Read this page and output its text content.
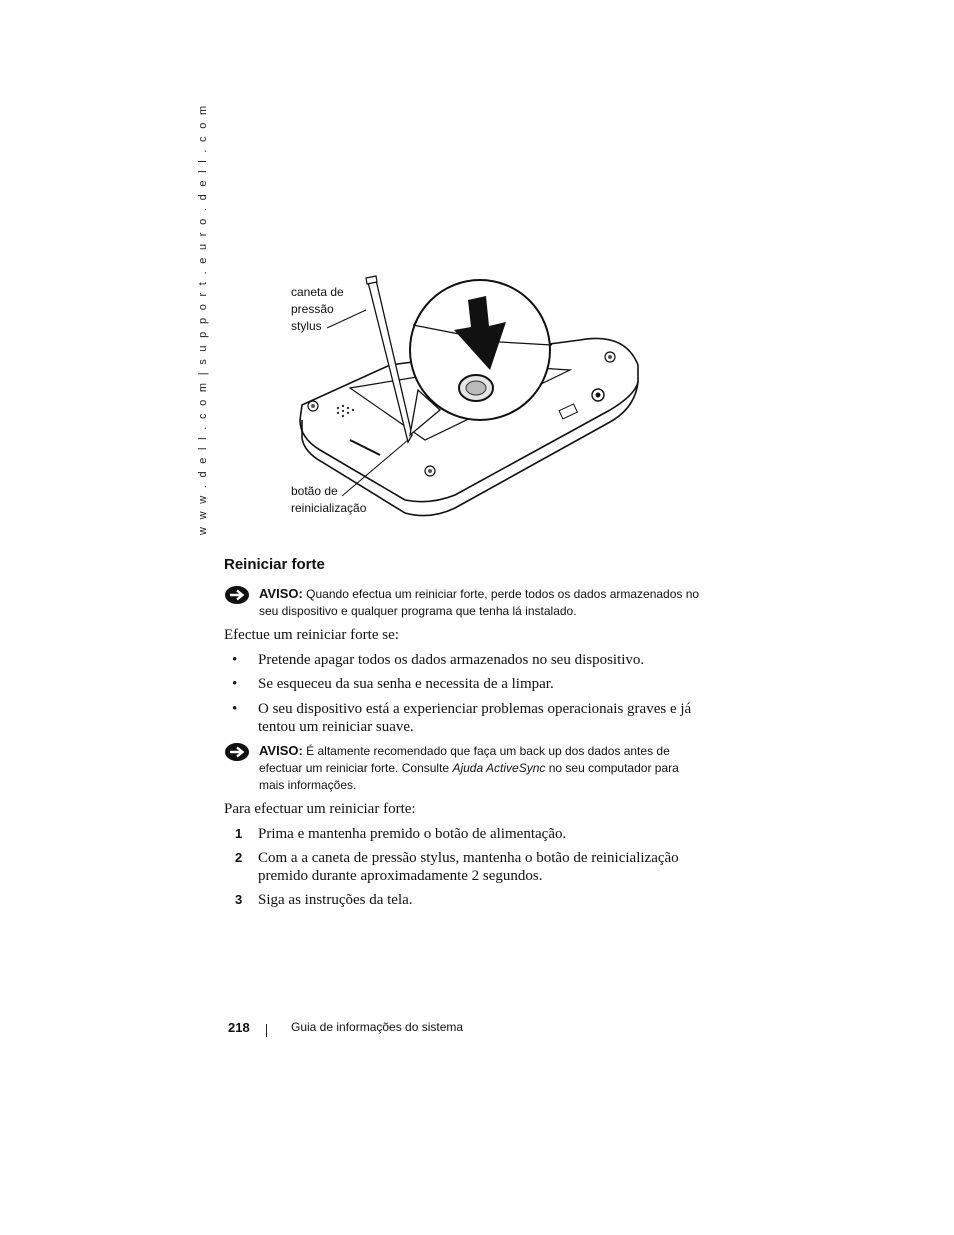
w w w . d e l l . c o m | s u p p o r t . e u r o . d e l l . c o m	caneta de
pressão
stylus
botão de
reinicialização
Reiniciar forte
AVISO: Quando efectua um reiniciar forte, perde todos os dados armazenados no seu dispositivo e qualquer programa que tenha lá instalado.
Efectue um reiniciar forte se:
•	Pretende apagar todos os dados armazenados no seu dispositivo.
•	Se esqueceu da sua senha e necessita de a limpar.
•	O seu dispositivo está a experienciar problemas operacionais graves e já tentou um reiniciar suave.
AVISO: É altamente recomendado que faça um back up dos dados antes de efectuar um reiniciar forte. Consulte Ajuda ActiveSync no seu computador para mais informações.
Para efectuar um reiniciar forte:
1 Prima e mantenha premido o botão de alimentação.
2 Com a a caneta de pressão stylus, mantenha o botão de reinicialização premido durante aproximadamente 2 segundos.
3 Siga as instruções da tela.
218	Guia de informações do sistema
